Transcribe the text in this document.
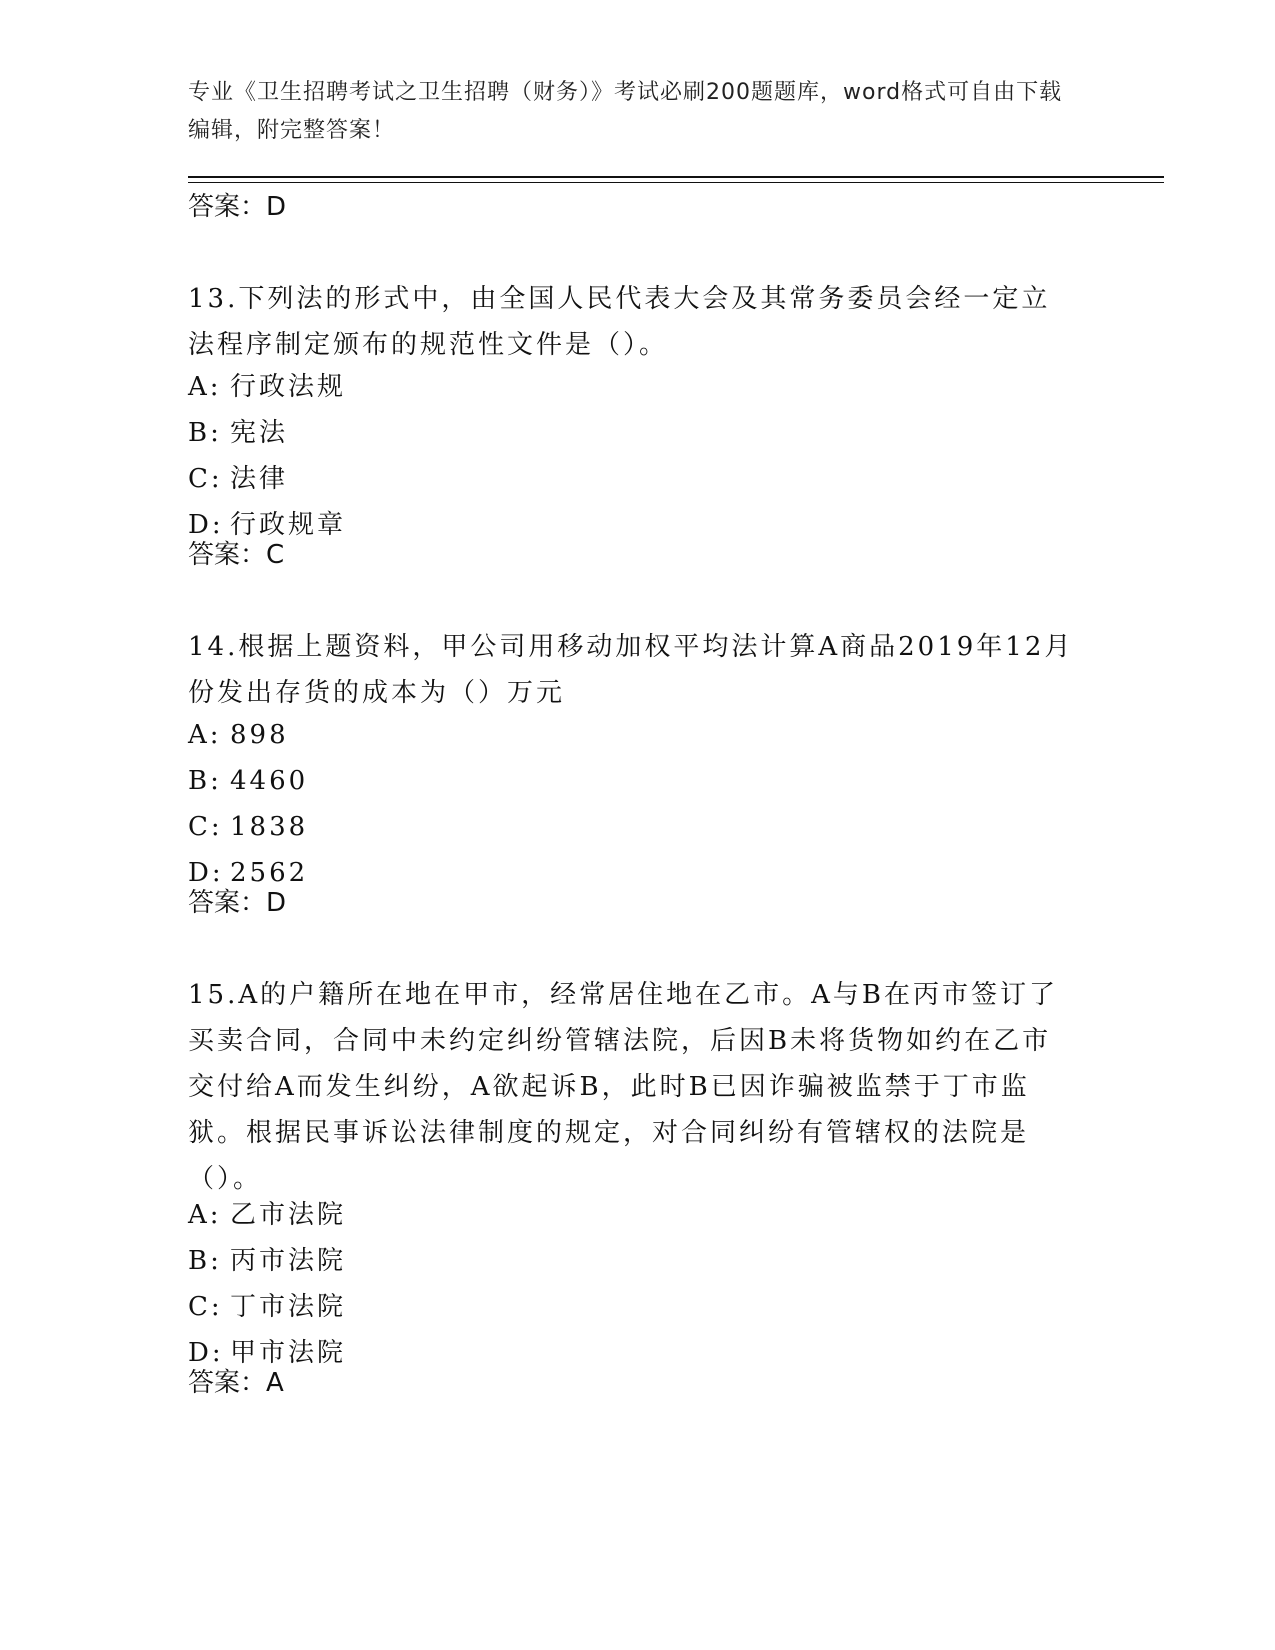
专业《卫生招聘考试之卫生招聘（财务）》考试必刷200题题库，word格式可自由下载编辑，附完整答案！
答案：D
13.下列法的形式中，由全国人民代表大会及其常务委员会经一定立法程序制定颁布的规范性文件是（）。
A: 行政法规
B: 宪法
C: 法律
D: 行政规章
答案：C
14.根据上题资料，甲公司用移动加权平均法计算A商品2019年12月份发出存货的成本为（）万元
A: 898
B: 4460
C: 1838
D: 2562
答案：D
15.A的户籍所在地在甲市，经常居住地在乙市。A与B在丙市签订了买卖合同，合同中未约定纠纷管辖法院，后因B未将货物如约在乙市交付给A而发生纠纷，A欲起诉B，此时B已因诈骗被监禁于丁市监狱。根据民事诉讼法律制度的规定，对合同纠纷有管辖权的法院是（）。
A: 乙市法院
B: 丙市法院
C: 丁市法院
D: 甲市法院
答案：A
